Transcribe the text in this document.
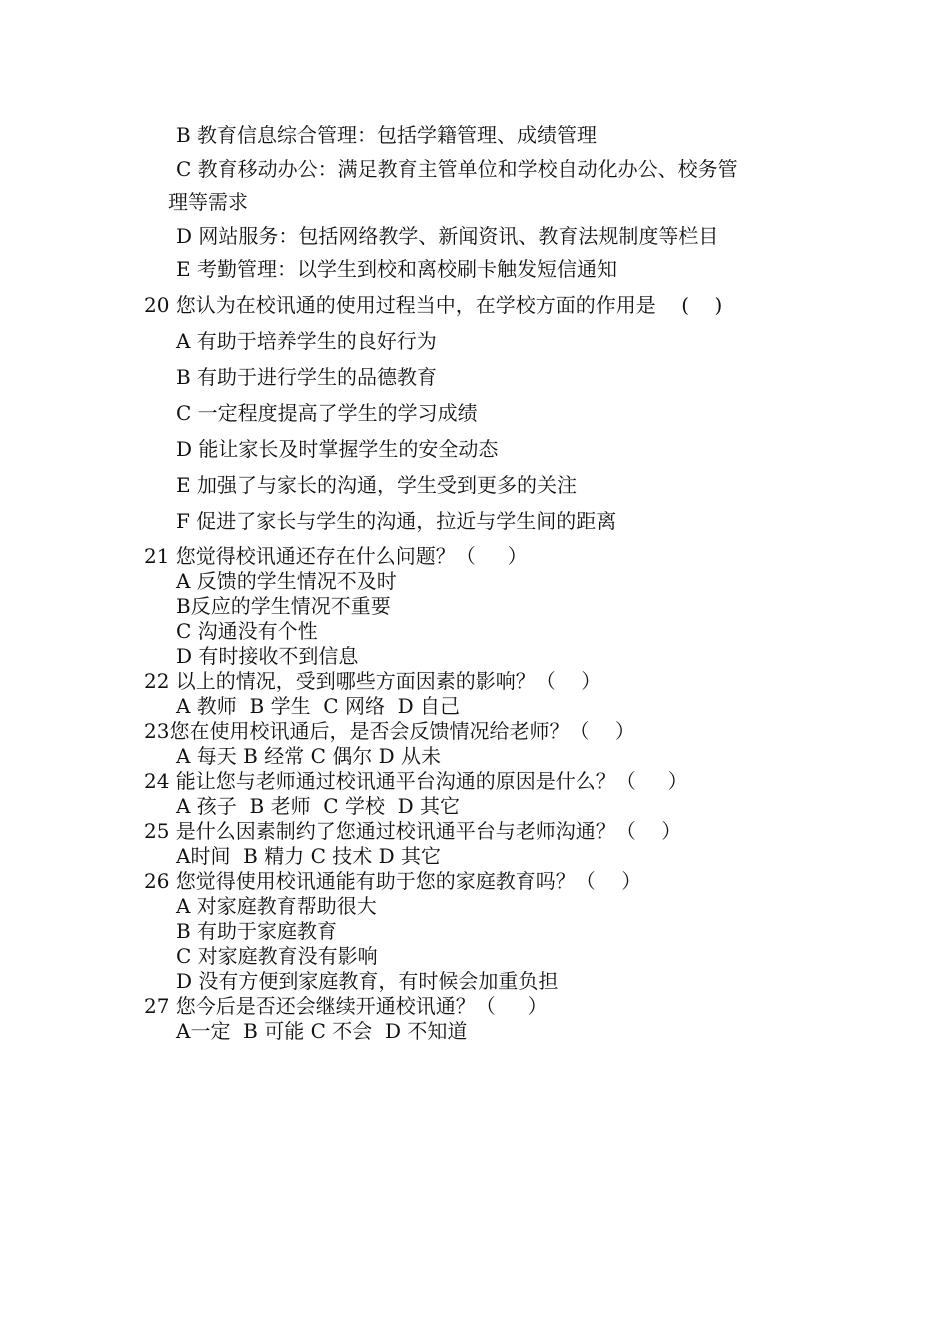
B 教育信息综合管理：包括学籍管理、成绩管理
C 教育移动办公：满足教育主管单位和学校自动化办公、校务管
理等需求
D 网站服务：包括网络教学、新闻资讯、教育法规制度等栏目
E 考勤管理：以学生到校和离校刷卡触发短信通知
20 您认为在校讯通的使用过程当中，在学校方面的作用是    (    )
A 有助于培养学生的良好行为
B 有助于进行学生的品德教育
C 一定程度提高了学生的学习成绩
D 能让家长及时掌握学生的安全动态
E 加强了与家长的沟通，学生受到更多的关注
F 促进了家长与学生的沟通，拉近与学生间的距离
21 您觉得校讯通还存在什么问题？（     ）
A 反馈的学生情况不及时
B反应的学生情况不重要
C 沟通没有个性
D 有时接收不到信息
22 以上的情况，受到哪些方面因素的影响？（    ）
A 教师  B 学生  C 网络  D 自己
23您在使用校讯通后，是否会反馈情况给老师？（    ）
A 每天 B 经常 C 偶尔 D 从未
24 能让您与老师通过校讯通平台沟通的原因是什么？（     ）
A 孩子  B 老师  C 学校  D 其它
25 是什么因素制约了您通过校讯通平台与老师沟通？（    ）
A时间  B 精力 C 技术 D 其它
26 您觉得使用校讯通能有助于您的家庭教育吗？（    ）
A 对家庭教育帮助很大
B 有助于家庭教育
C 对家庭教育没有影响
D 没有方便到家庭教育，有时候会加重负担
27 您今后是否还会继续开通校讯通？（     ）
A一定  B 可能 C 不会  D 不知道
